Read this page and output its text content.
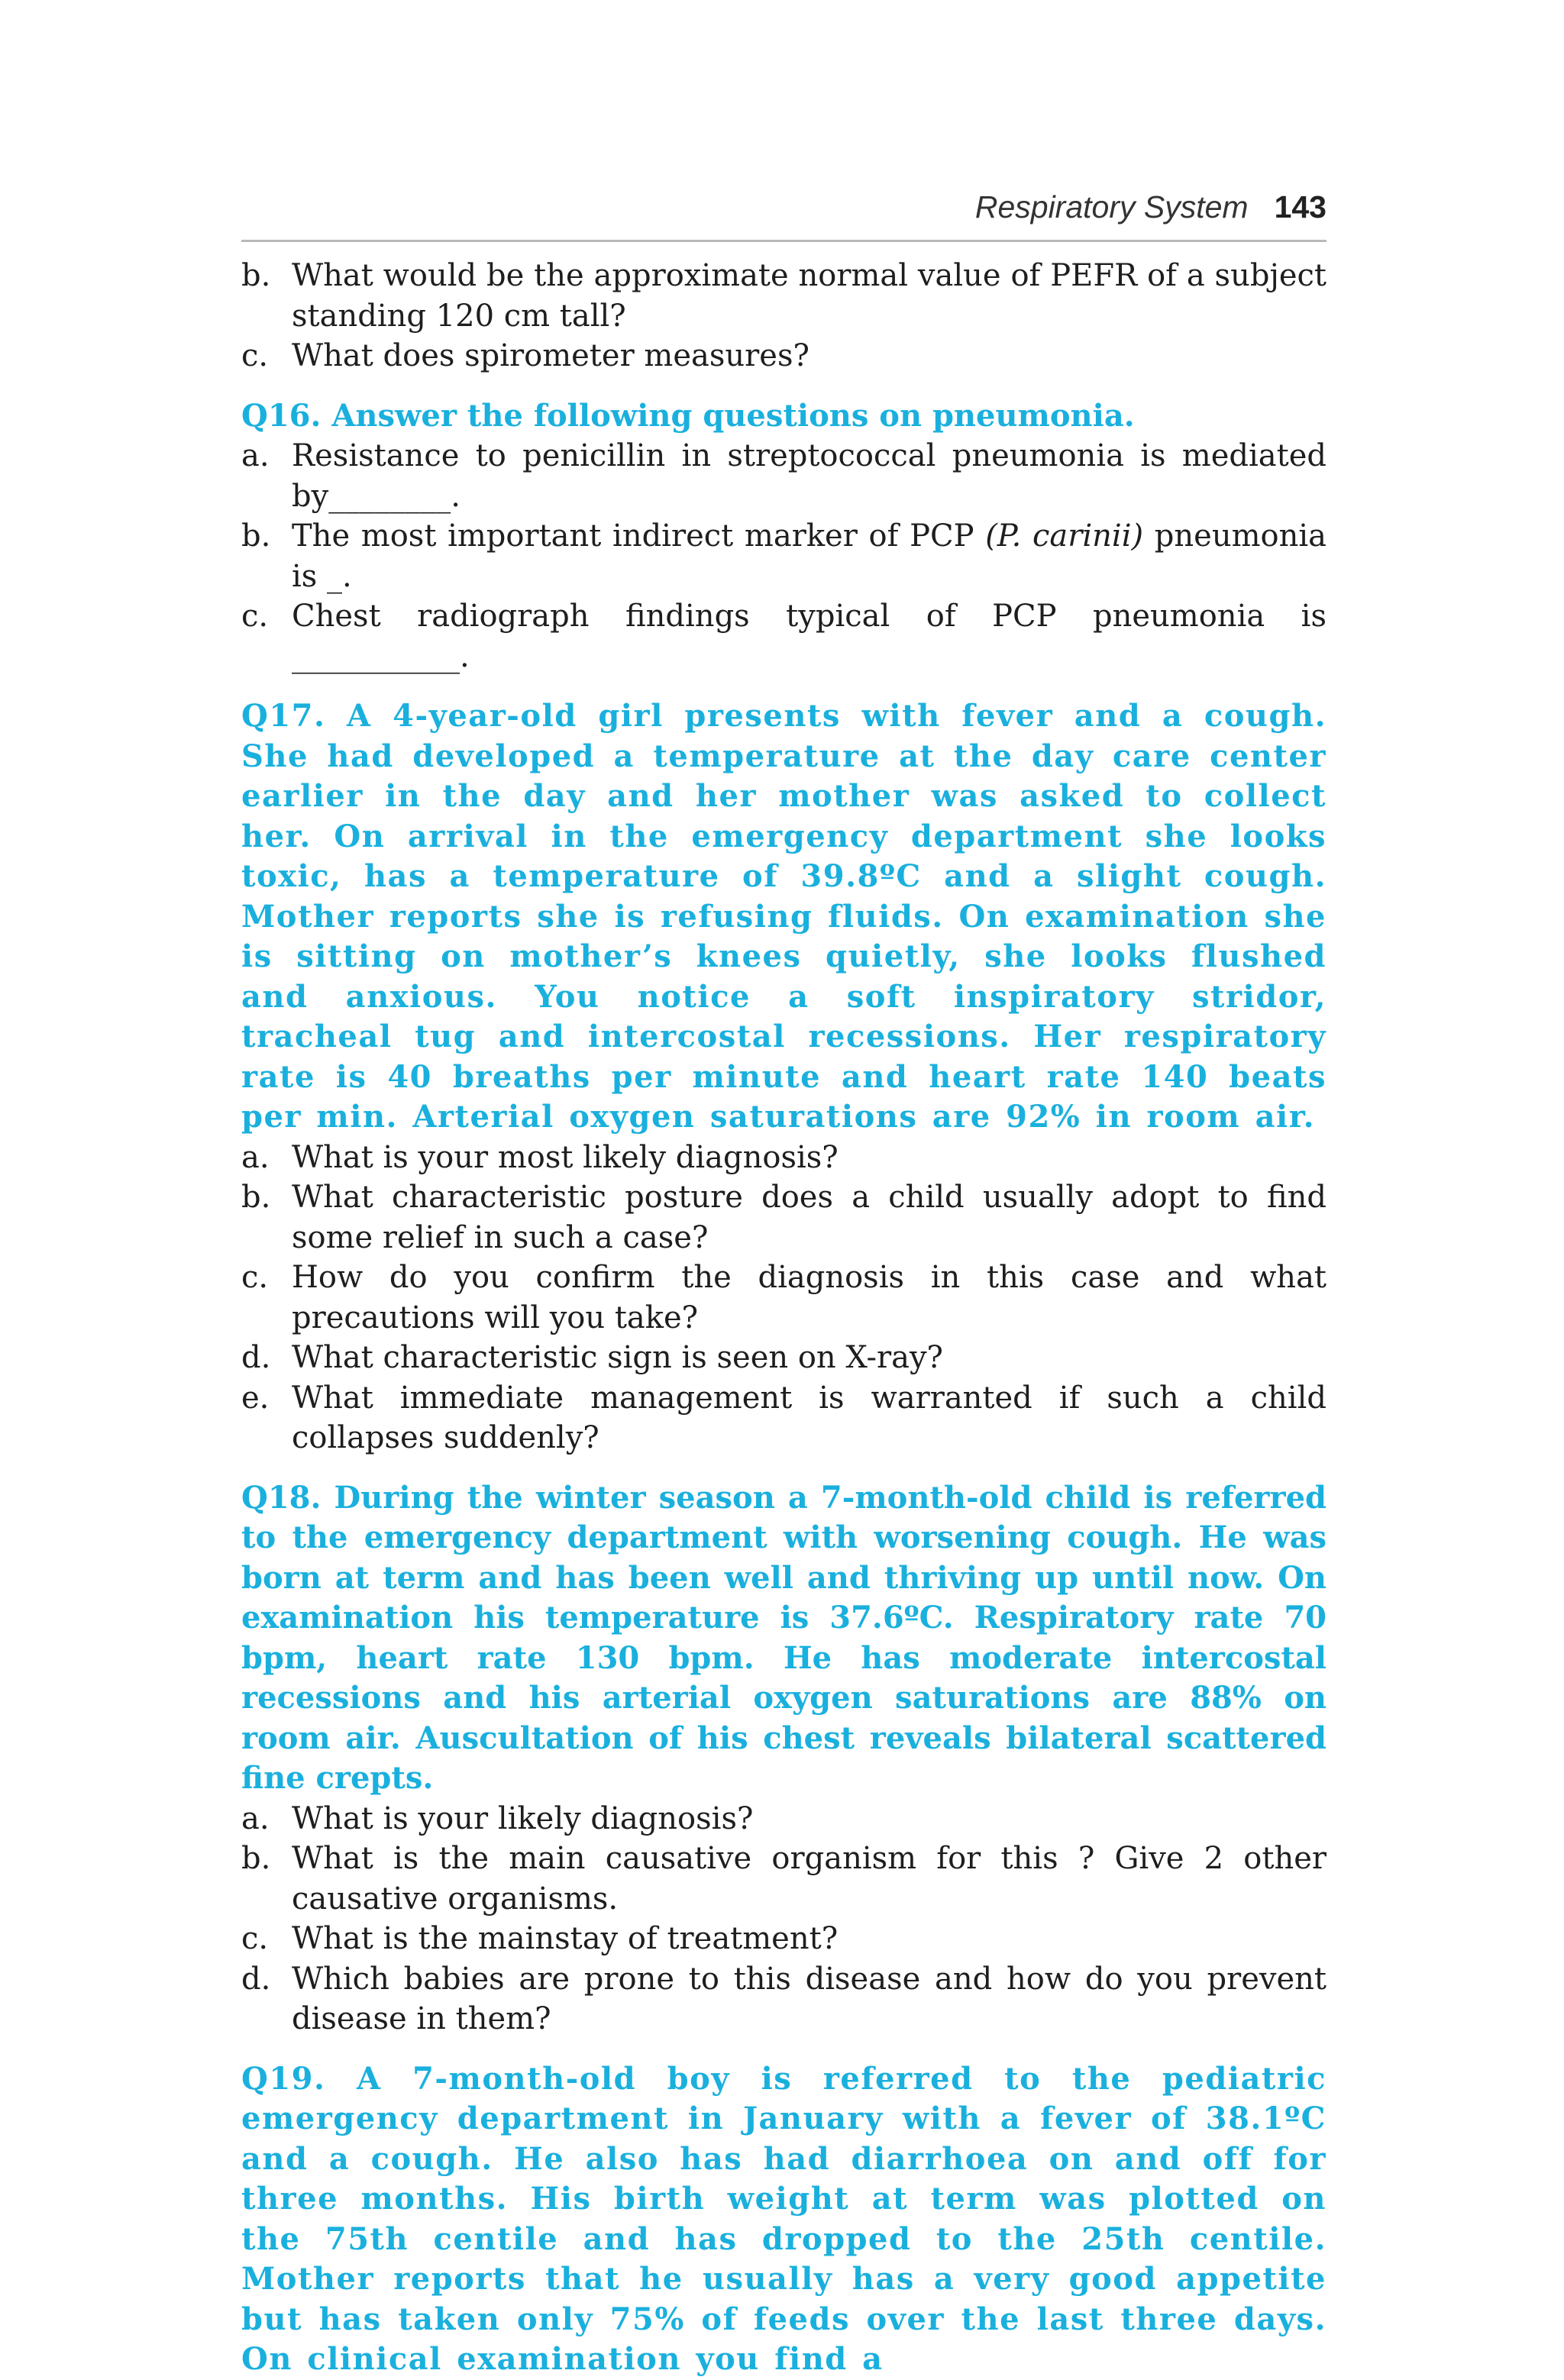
Respiratory System 143
b. What would be the approximate normal value of PEFR of a subject standing 120 cm tall?
c. What does spirometer measures?
Q16. Answer the following questions on pneumonia.
a. Resistance to penicillin in streptococcal pneumonia is mediated by________.
b. The most important indirect marker of PCP (P. carinii) pneumonia is _.
c. Chest radiograph findings typical of PCP pneumonia is ___________.
Q17. A 4-year-old girl presents with fever and a cough. She had developed a temperature at the day care center earlier in the day and her mother was asked to collect her. On arrival in the emergency department she looks toxic, has a temperature of 39.8ºC and a slight cough. Mother reports she is refusing fluids. On examination she is sitting on mother’s knees quietly, she looks flushed and anxious. You notice a soft inspiratory stridor, tracheal tug and intercostal recessions. Her respiratory rate is 40 breaths per minute and heart rate 140 beats per min. Arterial oxygen saturations are 92% in room air.
a. What is your most likely diagnosis?
b. What characteristic posture does a child usually adopt to find some relief in such a case?
c. How do you confirm the diagnosis in this case and what precautions will you take?
d. What characteristic sign is seen on X-ray?
e. What immediate management is warranted if such a child collapses suddenly?
Q18. During the winter season a 7-month-old child is referred to the emergency department with worsening cough. He was born at term and has been well and thriving up until now. On examination his temperature is 37.6ºC. Respiratory rate 70 bpm, heart rate 130 bpm. He has moderate intercostal recessions and his arterial oxygen saturations are 88% on room air. Auscultation of his chest reveals bilateral scattered fine crepts.
a. What is your likely diagnosis?
b. What is the main causative organism for this ? Give 2 other causative organisms.
c. What is the mainstay of treatment?
d. Which babies are prone to this disease and how do you prevent disease in them?
Q19. A 7-month-old boy is referred to the pediatric emergency department in January with a fever of 38.1ºC and a cough. He also has had diarrhoea on and off for three months. His birth weight at term was plotted on the 75th centile and has dropped to the 25th centile. Mother reports that he usually has a very good appetite but has taken only 75% of feeds over the last three days. On clinical examination you find a
